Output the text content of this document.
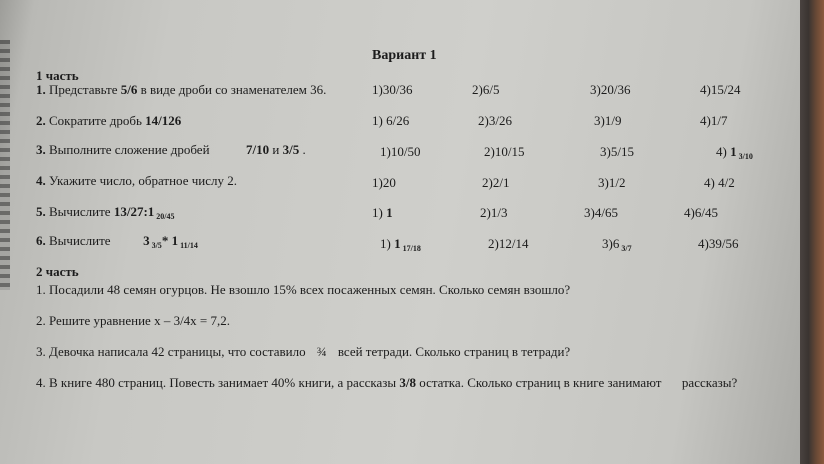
Вариант 1
1 часть
1. Представьте 5/6 в виде дроби со знаменателем 36.	1)30/36	2)6/5	3)20/36	4)15/24
2. Сократите дробь 14/126	1) 6/26	2)3/26	3)1/9	4)1/7
3. Выполните сложение дробей	7/10 и 3/5 .	1)10/50	2)10/15	3)5/15	4) 1 $_{3/10}$
4. Укажите число, обратное числу 2.	1)20	2)2/1	3)1/2	4) 4/2
5. Вычислите 13/27:1 $_{20/45}$	1) 1	2)1/3	3)4/65	4)6/45
6. Вычислите	3 $_{3/5}$* 1 $_{11/14}$	1) 1 $_{17/18}$	2)12/14	3)6 $_{3/7}$	4)39/56
2 часть
1. Посадили 48 семян огурцов. Не взошло 15% всех посаженных семян. Сколько семян взошло?
2. Решите уравнение х – 3/4х = 7,2.
3. Девочка написала 42 страницы, что составило ¾ всей тетради. Сколько страниц в тетради?
4. В книге 480 страниц. Повесть занимает 40% книги, а рассказы 3/8 остатка. Сколько страниц в книге занимают рассказы?
